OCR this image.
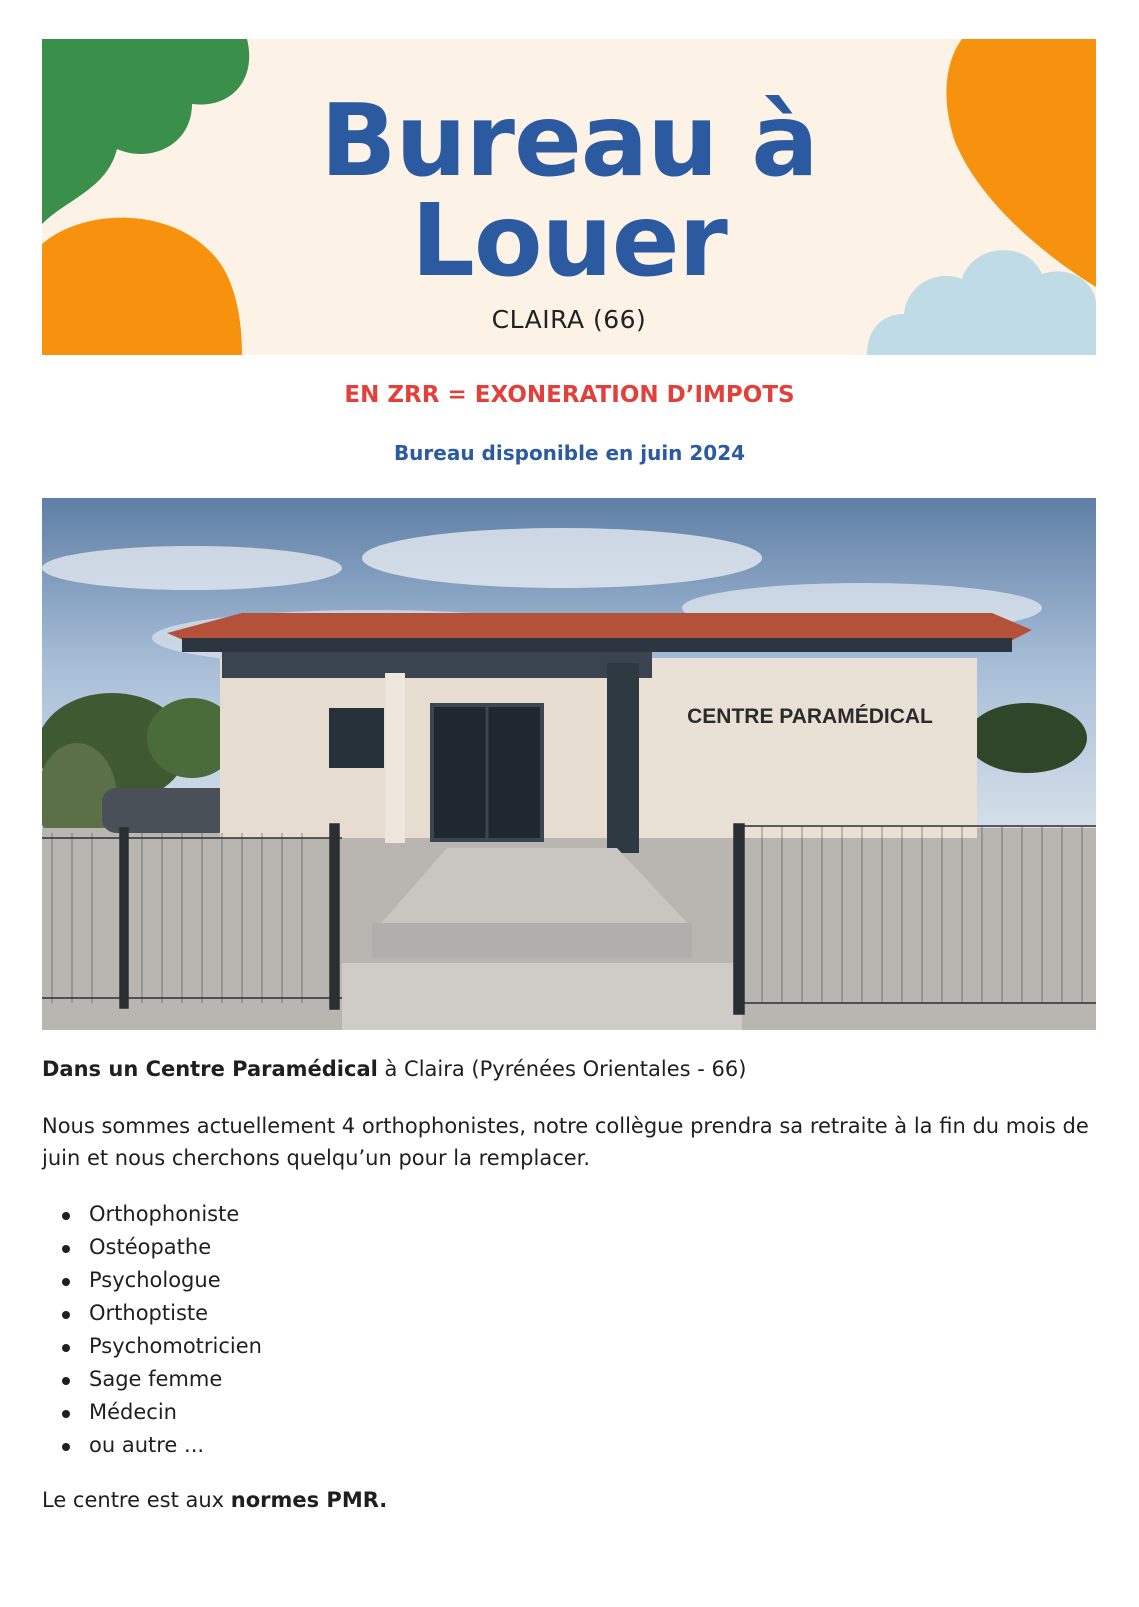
Bureau à
Louer
CLAIRA (66)
EN ZRR = EXONERATION D’IMPOTS
Bureau disponible en juin 2024
CENTRE PARAMÉDICAL
Dans un Centre Paramédical à Claira (Pyrénées Orientales - 66)
Nous sommes actuellement 4 orthophonistes, notre collègue prendra sa retraite à la fin du mois de juin et nous cherchons quelqu’un pour la remplacer.
Orthophoniste
Ostéopathe
Psychologue
Orthoptiste
Psychomotricien
Sage femme
Médecin
ou autre ...
Le centre est aux normes PMR.
